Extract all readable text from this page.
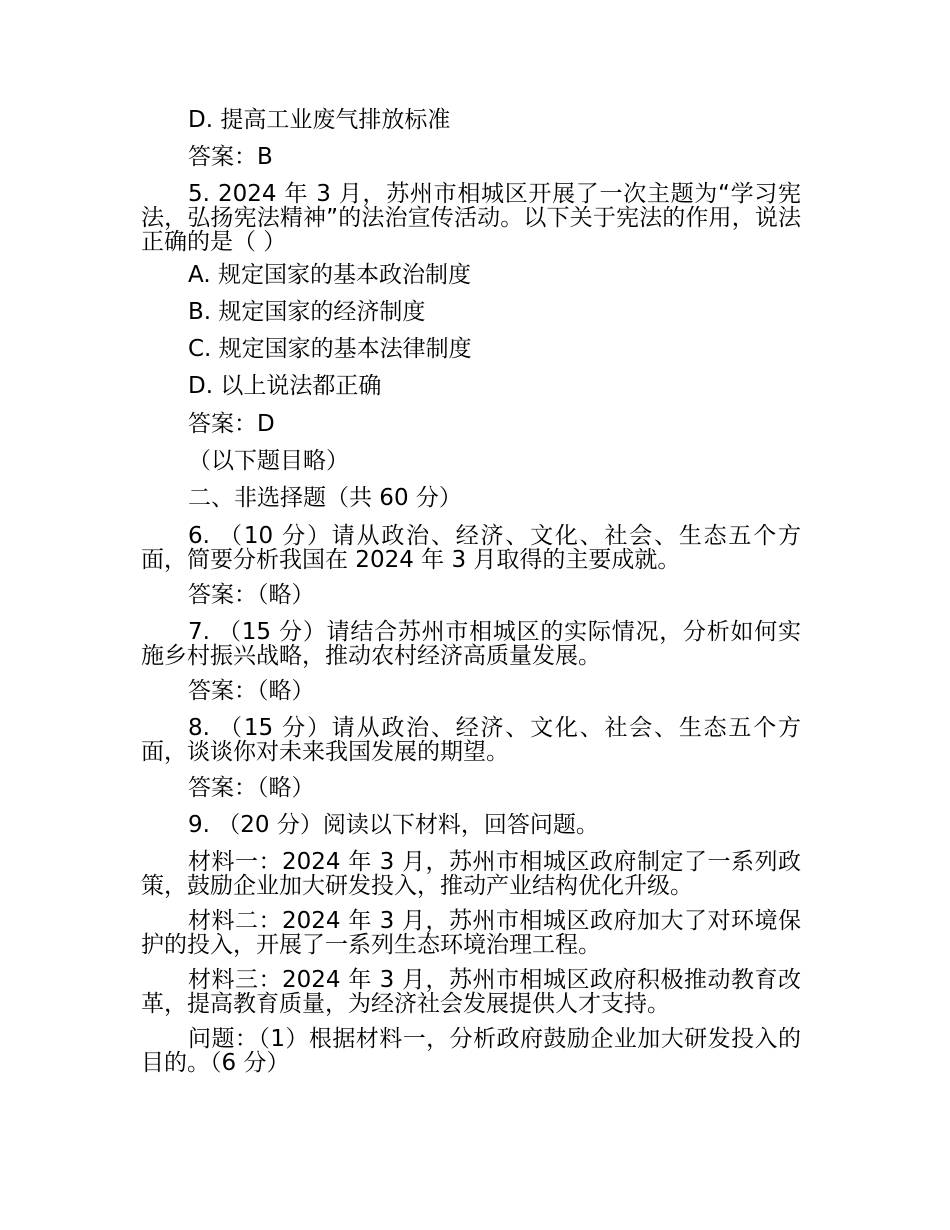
D. 提高工业废气排放标准
答案：B
5. 2024 年 3 月，苏州市相城区开展了一次主题为“学习宪法，弘扬宪法精神”的法治宣传活动。以下关于宪法的作用，说法正确的是（ ）
A. 规定国家的基本政治制度
B. 规定国家的经济制度
C. 规定国家的基本法律制度
D. 以上说法都正确
答案：D
（以下题目略）
二、非选择题（共 60 分）
6. （10 分）请从政治、经济、文化、社会、生态五个方面，简要分析我国在 2024 年 3 月取得的主要成就。
答案：（略）
7. （15 分）请结合苏州市相城区的实际情况，分析如何实施乡村振兴战略，推动农村经济高质量发展。
答案：（略）
8. （15 分）请从政治、经济、文化、社会、生态五个方面，谈谈你对未来我国发展的期望。
答案：（略）
9. （20 分）阅读以下材料，回答问题。
材料一：2024 年 3 月，苏州市相城区政府制定了一系列政策，鼓励企业加大研发投入，推动产业结构优化升级。
材料二：2024 年 3 月，苏州市相城区政府加大了对环境保护的投入，开展了一系列生态环境治理工程。
材料三：2024 年 3 月，苏州市相城区政府积极推动教育改革，提高教育质量，为经济社会发展提供人才支持。
问题：（1）根据材料一，分析政府鼓励企业加大研发投入的目的。（6 分）
